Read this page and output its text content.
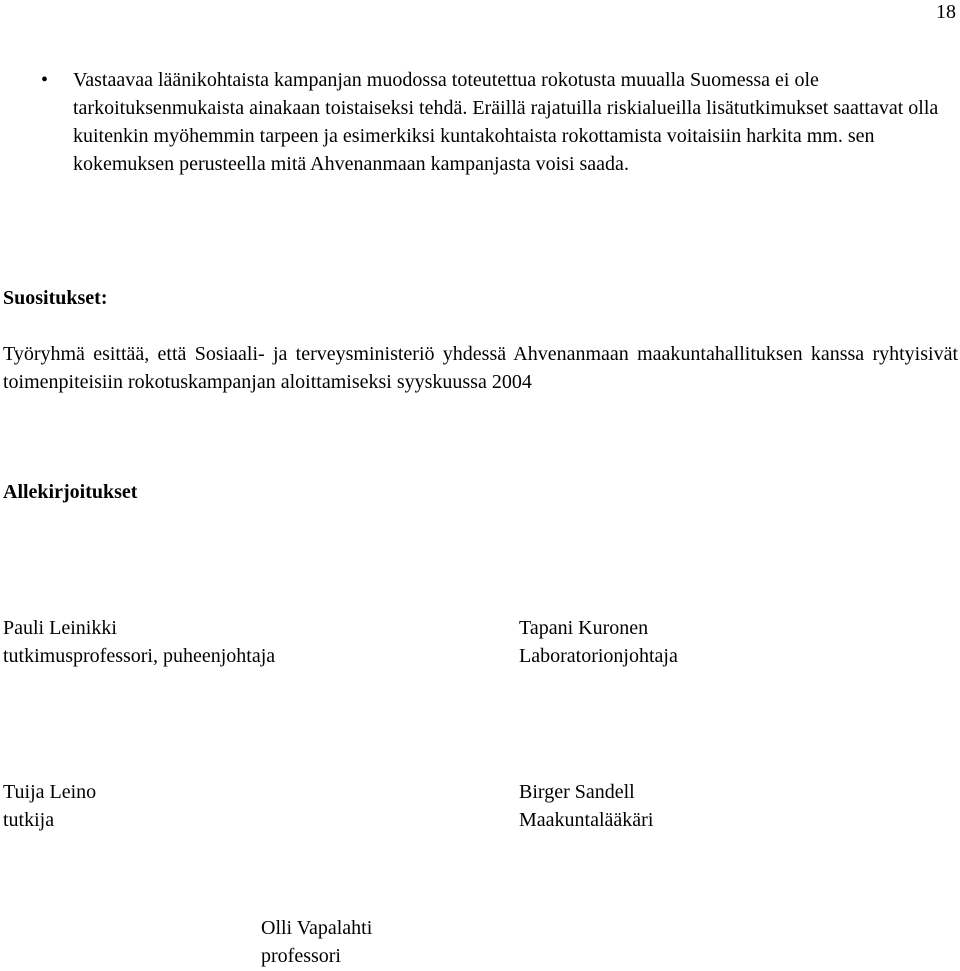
18
• Vastaavaa läänikohtaista kampanjan muodossa toteutettua rokotusta muualla Suomessa ei ole tarkoituksenmukaista ainakaan toistaiseksi tehdä. Eräillä rajatuilla riskialueilla lisätutkimukset saattavat olla kuitenkin myöhemmin tarpeen ja esimerkiksi kuntakohtaista rokottamista voitaisiin harkita mm. sen kokemuksen perusteella mitä Ahvenanmaan kampanjasta voisi saada.
Suositukset:
Työryhmä esittää, että Sosiaali- ja terveysministeriö yhdessä Ahvenanmaan maakuntahallituksen kanssa ryhtyisivät toimenpiteisiin rokotuskampanjan aloittamiseksi syyskuussa 2004
Allekirjoitukset
Pauli Leinikki
tutkimusprofessori, puheenjohtaja
Tapani Kuronen
Laboratorionjohtaja
Tuija Leino
tutkija
Birger Sandell
Maakuntalääkäri
Olli Vapalahti
professori
